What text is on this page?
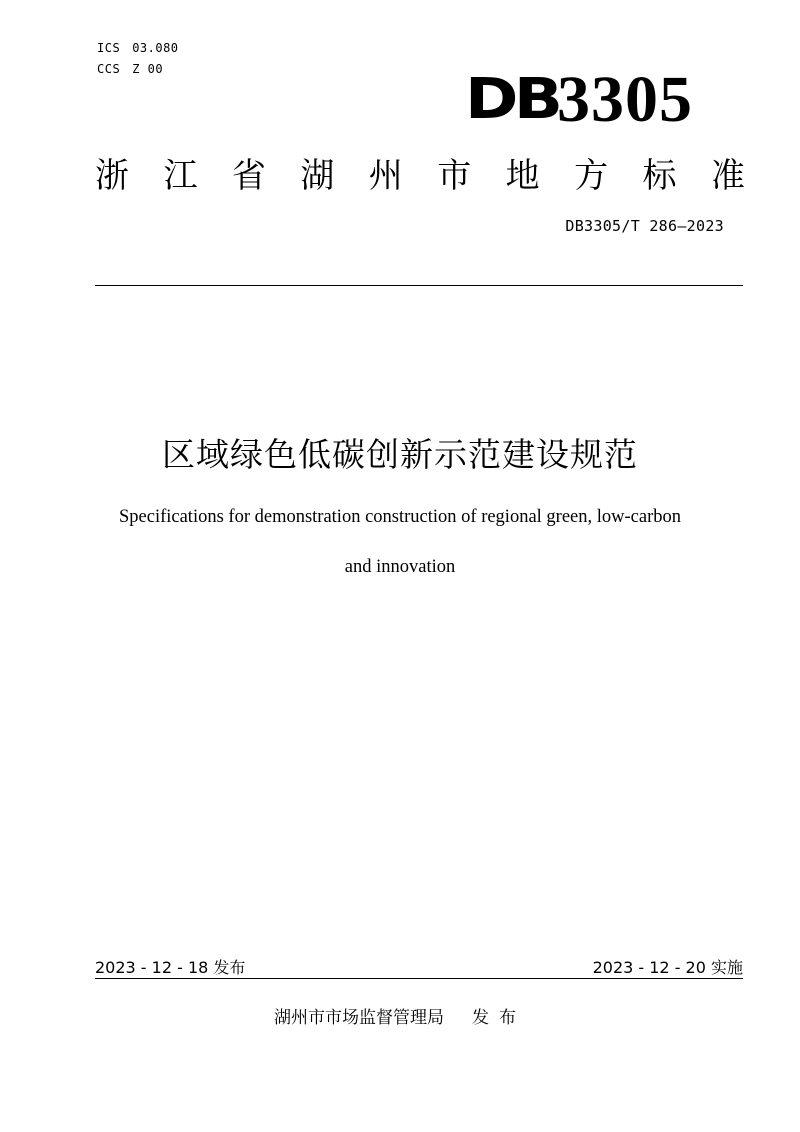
ICS 03.080
CCS Z 00	DB
3305
浙 江 省 湖 州 市 地 方 标 准
DB3305/T 286—2023
区域绿色低碳创新示范建设规范
Specifications for demonstration construction of regional green, low-carbon
and innovation
2023 - 12 - 18 发布	2023 - 12 - 20 实施
湖州市市场监督管理局 发布
